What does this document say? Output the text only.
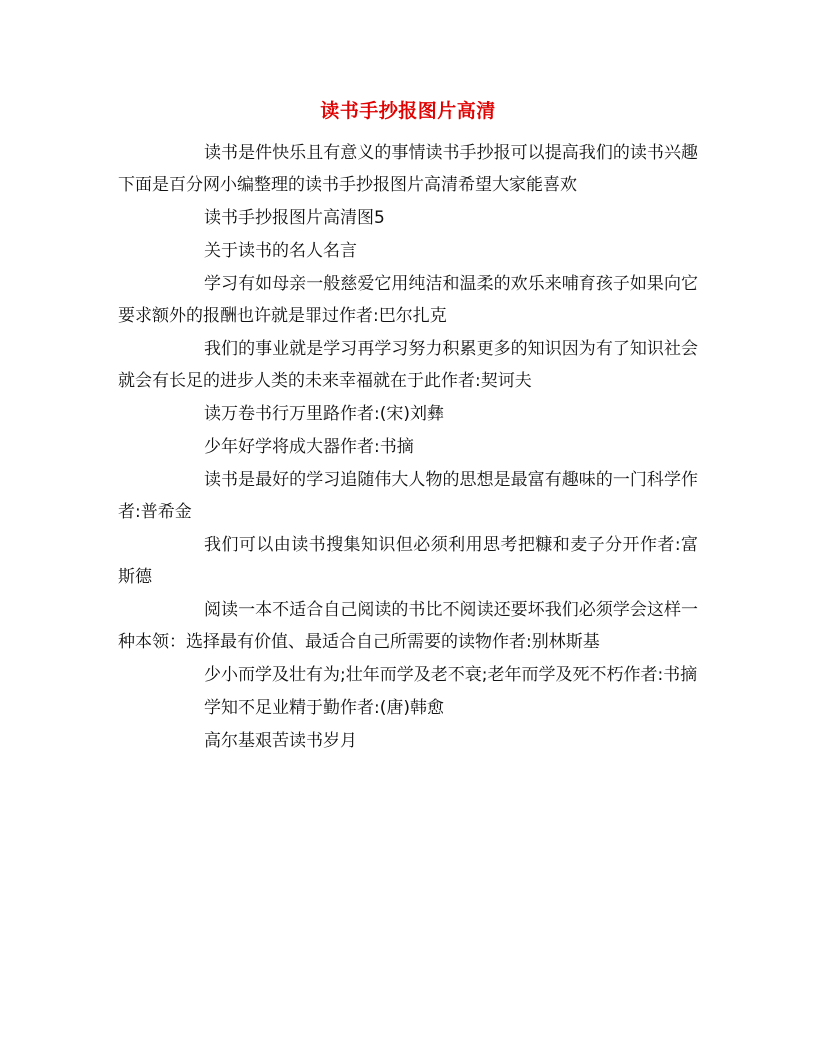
读书手抄报图片高清

读书是件快乐且有意义的事情读书手抄报可以提高我们的读书兴趣下面是百分网小编整理的读书手抄报图片高清希望大家能喜欢

读书手抄报图片高清图5

关于读书的名人名言

学习有如母亲一般慈爱它用纯洁和温柔的欢乐来哺育孩子如果向它要求额外的报酬也许就是罪过作者:巴尔扎克

我们的事业就是学习再学习努力积累更多的知识因为有了知识社会就会有长足的进步人类的未来幸福就在于此作者:契诃夫

读万卷书行万里路作者:(宋)刘彝

少年好学将成大器作者:书摘

读书是最好的学习追随伟大人物的思想是最富有趣味的一门科学作者:普希金

我们可以由读书搜集知识但必须利用思考把糠和麦子分开作者:富斯德

阅读一本不适合自己阅读的书比不阅读还要坏我们必须学会这样一种本领：选择最有价值、最适合自己所需要的读物作者:别林斯基

少小而学及壮有为;壮年而学及老不衰;老年而学及死不朽作者:书摘

学知不足业精于勤作者:(唐)韩愈

高尔基艰苦读书岁月
